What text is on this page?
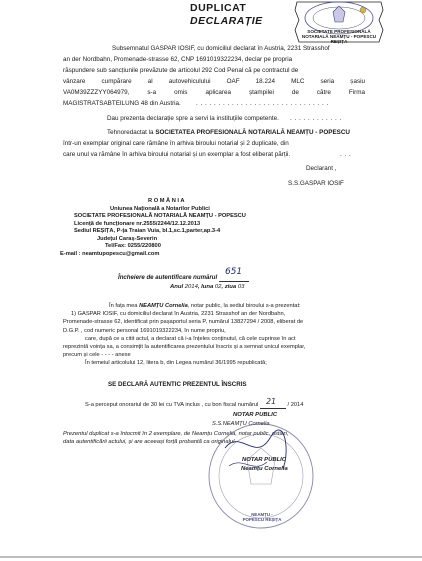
DUPLICAT
DECLARAȚIE
SOCIETATE PROFESIONALĂ NOTARIALĂ NEAMȚU - POPESCU REȘIȚA
Subsemnatul GASPAR IOSIF, cu domiciliul declarat în Austria, 2231 Strasshof
an der Nordbahn, Promenade-strasse 62, CNP 1691019322234, declar pe propria
răspundere sub sancțiunile prevăzute de articolul 292 Cod Penal că pe contractul de
vânzare cumpărare al autovehiculului OAF 18.224 MLC seria șasiu
VA0M39ZZZYY064979, s-a omis aplicarea ștampilei de către Firma
MAGISTRATSABTEILUNG 48 din Austria. . . . . . . . . . . . . . . . . . . . . . . . . . . . . . .
Dau prezenta declarație spre a servi la instituțiile competente. . . . . . . . . . . . .
Tehnoredactat la SOCIETATEA PROFESIONALĂ NOTARIALĂ NEAMȚU - POPESCU
într-un exemplar original care rămâne în arhiva biroului notarial și 2 duplicate, din
care unul va rămâne în arhiva biroului notarial și un exemplar a fost eliberat părții.	. . .
Declarant ,
S.S.GASPAR IOSIF
R O M Â N I A
Uniunea Națională a Notarilor Publici
SOCIETATE PROFESIONALĂ NOTARIALĂ NEAMȚU - POPESCU
Licență de funcționare nr.2555/2244/12.12.2013
Sediul REȘIȚA, P-ța Traian Vuia, bl.1,sc.1,parter,ap.3-4
Județul Caraș-Severin
Tel/Fax: 0255/220800
E-mail : neamtupopescu@gmail.com
Încheiere de autentificare numărul
651

Anul 2014, luna 02, ziua 03
În fața mea NEAMȚU Cornelia, notar public, la sediul biroului s-a prezentat:
1) GASPAR IOSIF, cu domiciliul declarat în Austria, 2231 Strasshof an der Nordbahn,
Promenade-strasse 62, identificat prin pașaportul seria P, numărul 13827294 / 2008, eliberat de
D.G.P. , cod numeric personal 1691019322234, în nume propriu,
care, după ce a citit actul, a declarat că i-a înțeles conținutul, că cele cuprinse în act
reprezintă voința sa, a consimțit la autentificarea prezentului înscris și a semnat unicul exemplar,
precum și cele - - - - anexe
În temeiul articolului 12, litera b, din Legea numărul 36/1995 republicată;
SE DECLARĂ AUTENTIC PREZENTUL ÎNSCRIS
S-a perceput onorariul de 30 lei cu TVA inclus , cu bon fiscal numărul 21 / 2014
NOTAR PUBLIC
S.S.NEAMȚU Cornelia
Prezentul duplicat s-a întocmit în 2 exemplare, de Neamțu Cornelia, notar public, astăzi,
data autentificării actului, și are aceeași forță probantă ca originalul.
NOTAR PUBLIC
Neamțu Cornelia
NEAMȚU - POPESCU REȘIȚA
